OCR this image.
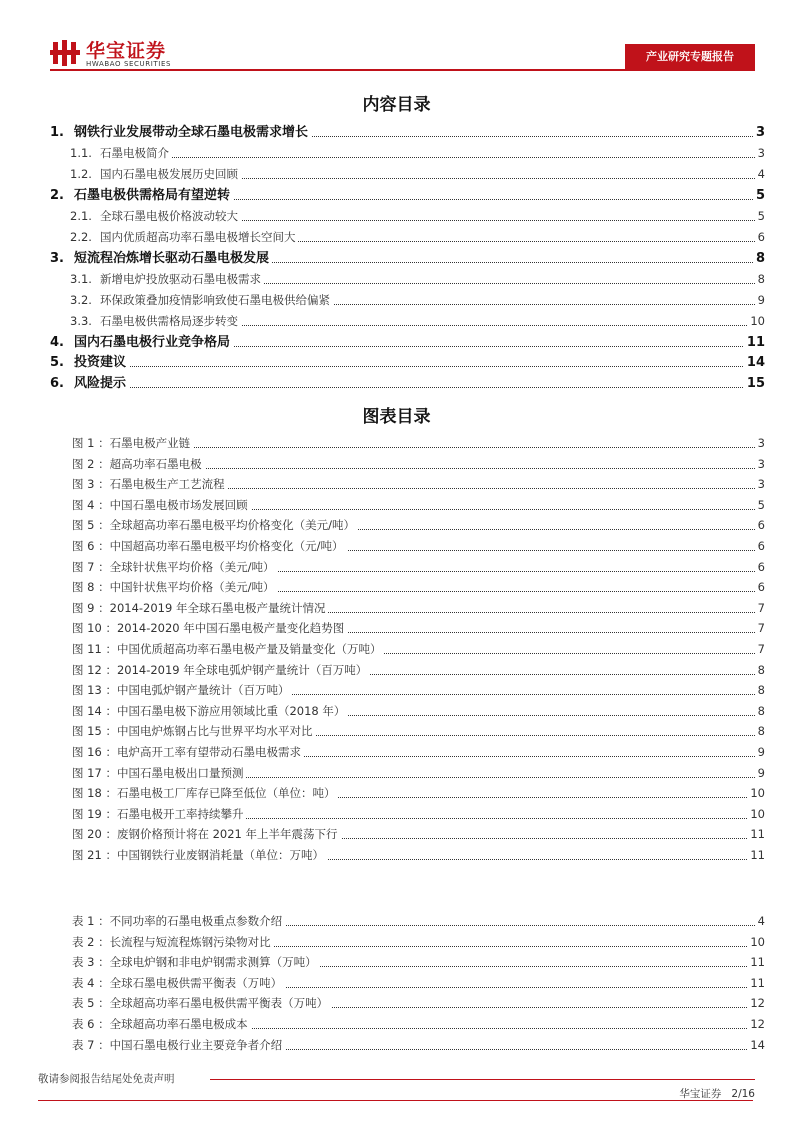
华宝证券
HWABAO SECURITIES
产业研究专题报告
内容目录
1. 钢铁行业发展带动全球石墨电极需求增长	3
1.1. 石墨电极简介	3
1.2. 国内石墨电极发展历史回顾	4
2. 石墨电极供需格局有望逆转	5
2.1. 全球石墨电极价格波动较大	5
2.2. 国内优质超高功率石墨电极增长空间大	6
3. 短流程冶炼增长驱动石墨电极发展	8
3.1. 新增电炉投放驱动石墨电极需求	8
3.2. 环保政策叠加疫情影响致使石墨电极供给偏紧	9
3.3. 石墨电极供需格局逐步转变	10
4. 国内石墨电极行业竞争格局	11
5. 投资建议	14
6. 风险提示	15
图表目录
图 1 ：石墨电极产业链	3
图 2 ：超高功率石墨电极	3
图 3 ：石墨电极生产工艺流程	3
图 4 ：中国石墨电极市场发展回顾	5
图 5 ：全球超高功率石墨电极平均价格变化（美元/吨）	6
图 6 ：中国超高功率石墨电极平均价格变化（元/吨）	6
图 7 ：全球针状焦平均价格（美元/吨）	6
图 8 ：中国针状焦平均价格（美元/吨）	6
图 9 ：2014-2019 年全球石墨电极产量统计情况	7
图 10 ：2014-2020 年中国石墨电极产量变化趋势图	7
图 11 ：中国优质超高功率石墨电极产量及销量变化（万吨）	7
图 12 ：2014-2019 年全球电弧炉钢产量统计（百万吨）	8
图 13 ：中国电弧炉钢产量统计（百万吨）	8
图 14 ：中国石墨电极下游应用领域比重（2018 年）	8
图 15 ：中国电炉炼钢占比与世界平均水平对比	8
图 16 ：电炉高开工率有望带动石墨电极需求	9
图 17 ：中国石墨电极出口量预测	9
图 18 ：石墨电极工厂库存已降至低位（单位：吨）	10
图 19 ：石墨电极开工率持续攀升	10
图 20 ：废钢价格预计将在 2021 年上半年震荡下行	11
图 21 ：中国钢铁行业废钢消耗量（单位：万吨）	11
表 1 ：不同功率的石墨电极重点参数介绍	4
表 2 ：长流程与短流程炼钢污染物对比	10
表 3 ：全球电炉钢和非电炉钢需求测算（万吨）	11
表 4 ：全球石墨电极供需平衡表（万吨）	11
表 5 ：全球超高功率石墨电极供需平衡表（万吨）	12
表 6 ：全球超高功率石墨电极成本	12
表 7 ：中国石墨电极行业主要竞争者介绍	14
敬请参阅报告结尾处免责声明
华宝证券 2/16
